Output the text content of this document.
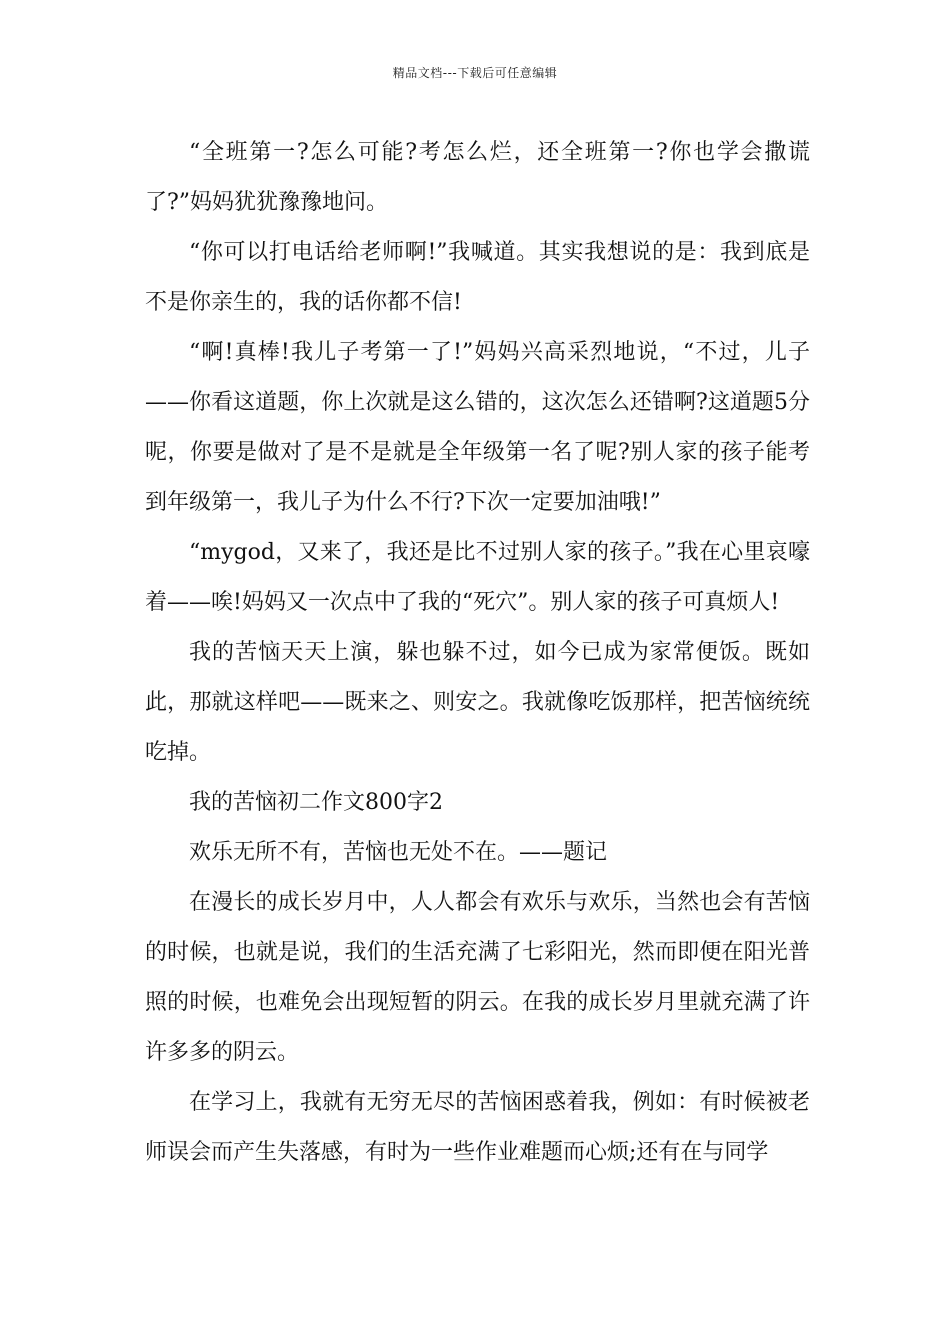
精品文档---下载后可任意编辑

“全班第一?怎么可能?考怎么烂，还全班第一?你也学会撒谎了?”妈妈犹犹豫豫地问。

“你可以打电话给老师啊!”我喊道。其实我想说的是：我到底是不是你亲生的，我的话你都不信!

“啊!真棒!我儿子考第一了!”妈妈兴高采烈地说，“不过，儿子——你看这道题，你上次就是这么错的，这次怎么还错啊?这道题5分呢，你要是做对了是不是就是全年级第一名了呢?别人家的孩子能考到年级第一，我儿子为什么不行?下次一定要加油哦!”

“mygod，又来了，我还是比不过别人家的孩子。”我在心里哀嚎着——唉!妈妈又一次点中了我的“死穴”。别人家的孩子可真烦人!

我的苦恼天天上演，躲也躲不过，如今已成为家常便饭。既如此，那就这样吧——既来之、则安之。我就像吃饭那样，把苦恼统统吃掉。

我的苦恼初二作文800字2

欢乐无所不有，苦恼也无处不在。——题记

在漫长的成长岁月中，人人都会有欢乐与欢乐，当然也会有苦恼的时候，也就是说，我们的生活充满了七彩阳光，然而即便在阳光普照的时候，也难免会出现短暂的阴云。在我的成长岁月里就充满了许许多多的阴云。

在学习上，我就有无穷无尽的苦恼困惑着我，例如：有时候被老师误会而产生失落感，有时为一些作业难题而心烦;还有在与同学
